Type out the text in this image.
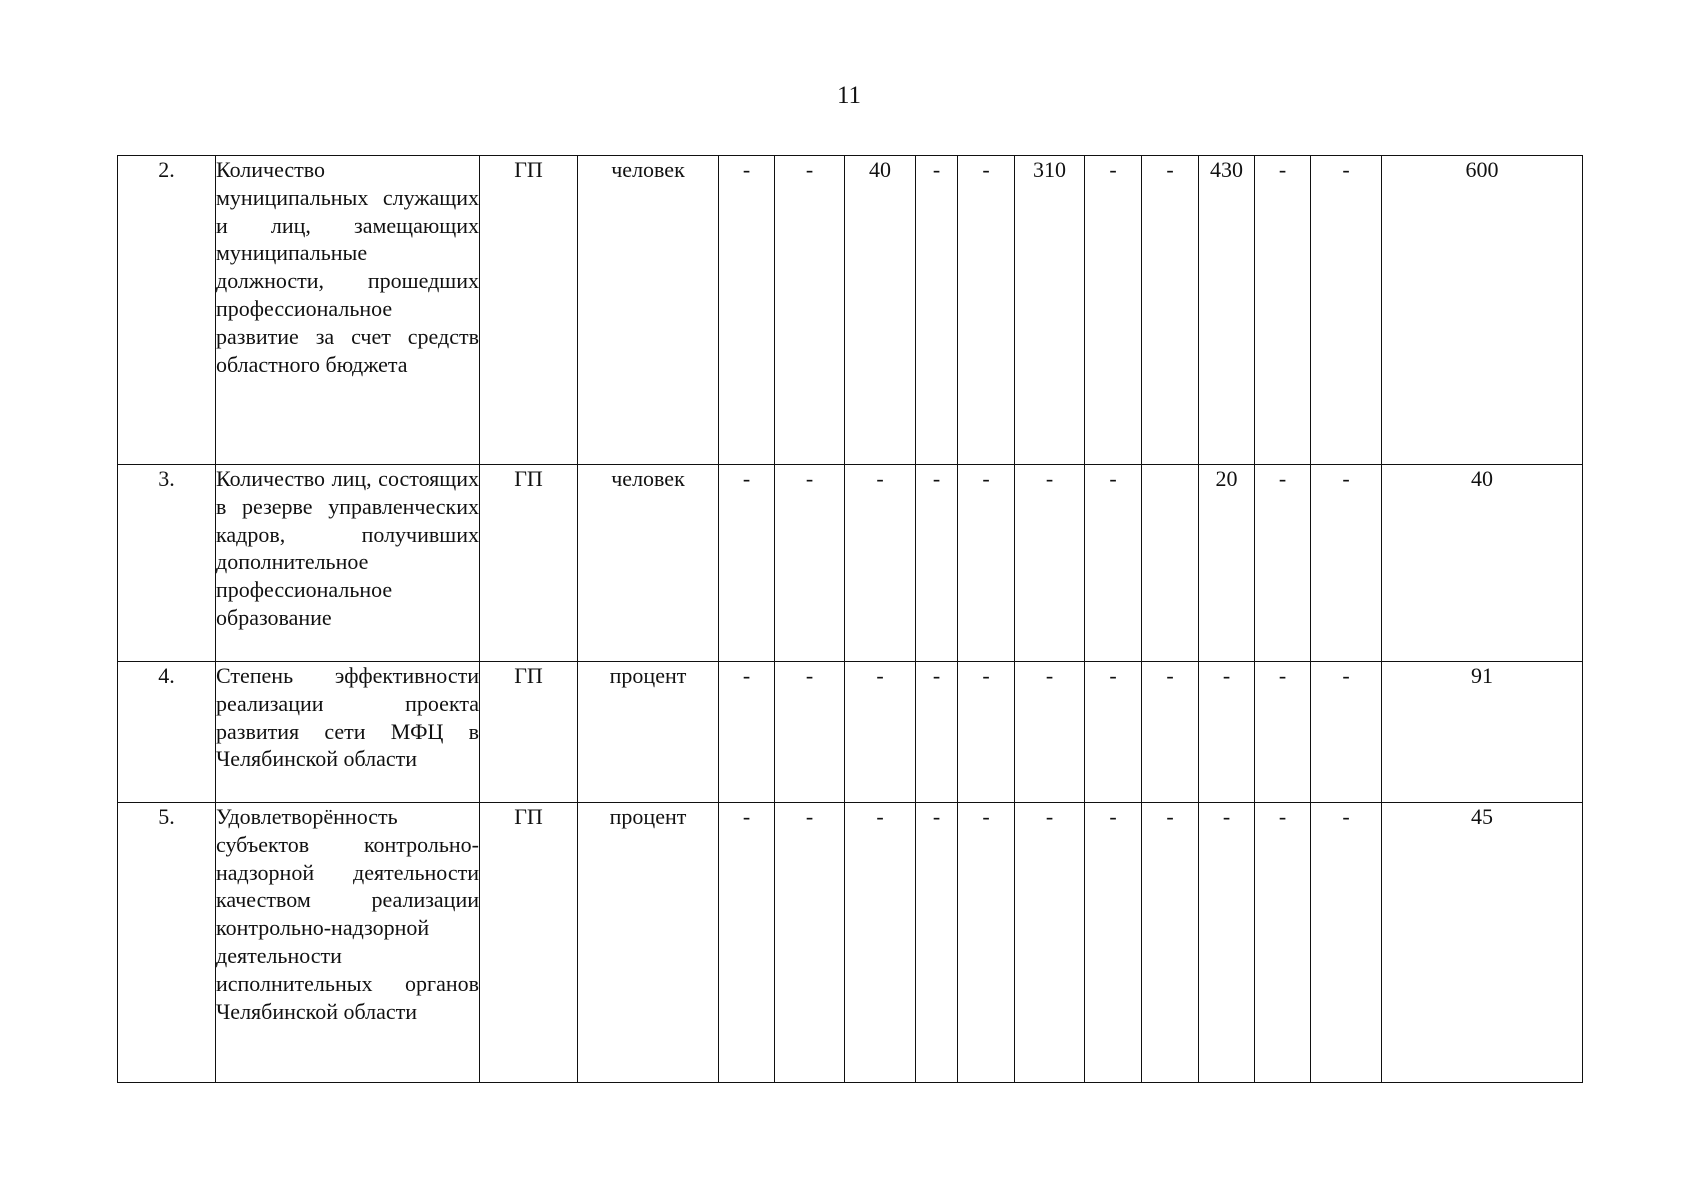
11
2.	Количество муниципальных служащих и лиц, замещающих муниципальные должности, прошедших профессиональное развитие за счет средств областного бюджета	ГП	человек	-	-	40	-	-	310	-	-	430	-	-	600
3.	Количество лиц, состоящих в резерве управленческих кадров, получивших дополнительное профессиональное образование	ГП	человек	-	-	-	-	-	-	-		20	-	-	40
4.	Степень эффективности реализации проекта развития сети МФЦ в Челябинской области	ГП	процент	-	-	-	-	-	-	-	-	-	-	-	91
5.	Удовлетворённость субъектов контрольно-надзорной деятельности качеством реализации контрольно-надзорной деятельности исполнительных органов Челябинской области	ГП	процент	-	-	-	-	-	-	-	-	-	-	-	45
